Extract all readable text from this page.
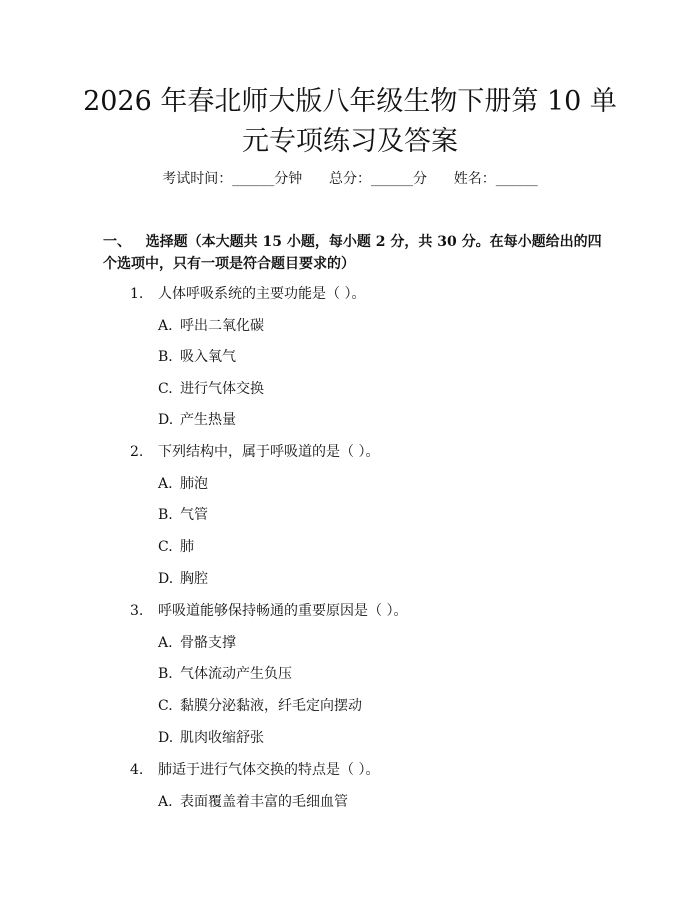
2026 年春北师大版八年级生物下册第 10 单
元专项练习及答案
考试时间：______分钟 总分：______分 姓名：______
一、 选择题（本大题共 15 小题，每小题 2 分，共 30 分。在每小题给出的四个选项中，只有一项是符合题目要求的）
1. 人体呼吸系统的主要功能是（ ）。
A. 呼出二氧化碳
B. 吸入氧气
C. 进行气体交换
D. 产生热量
2. 下列结构中，属于呼吸道的是（ ）。
A. 肺泡
B. 气管
C. 肺
D. 胸腔
3. 呼吸道能够保持畅通的重要原因是（ ）。
A. 骨骼支撑
B. 气体流动产生负压
C. 黏膜分泌黏液，纤毛定向摆动
D. 肌肉收缩舒张
4. 肺适于进行气体交换的特点是（ ）。
A. 表面覆盖着丰富的毛细血管
